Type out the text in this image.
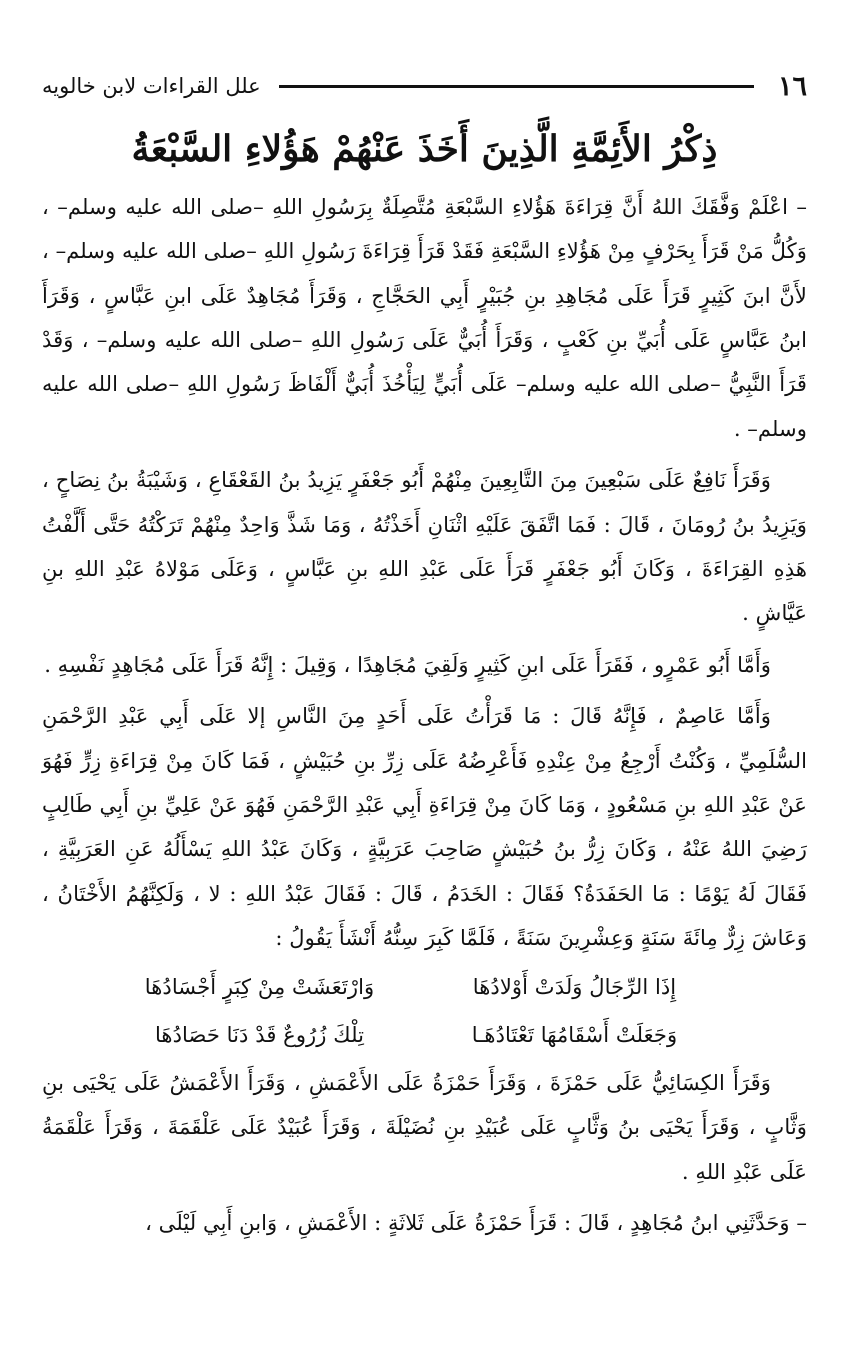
١٦
علل القراءات لابن خالويه
ذِكْرُ الأَئِمَّةِ الَّذِينَ أَخَذَ عَنْهُمْ هَؤُلاءِ السَّبْعَةُ

– اعْلَمْ وَفَّقَكَ اللهُ أَنَّ قِرَاءَةَ هَؤُلاءِ السَّبْعَةِ مُتَّصِلَةٌ بِرَسُولِ اللهِ –صلى الله عليه وسلم– ، وَكُلُّ مَنْ قَرَأَ بِحَرْفٍ مِنْ هَؤُلاءِ السَّبْعَةِ فَقَدْ قَرَأَ قِرَاءَةَ رَسُولِ اللهِ –صلى الله عليه وسلم– ، لأَنَّ ابنَ كَثِيرٍ قَرَأَ عَلَى مُجَاهِدِ بنِ جُبَيْرٍ أَبِي الحَجَّاجِ ، وَقَرَأَ مُجَاهِدٌ عَلَى ابنِ عَبَّاسٍ ، وَقَرَأَ ابنُ عَبَّاسٍ عَلَى أُبَيِّ بنِ كَعْبٍ ، وَقَرَأَ أُبَيٌّ عَلَى رَسُولِ اللهِ –صلى الله عليه وسلم– ، وَقَدْ قَرَأَ النَّبِيُّ –صلى الله عليه وسلم– عَلَى أُبَيٍّ لِيَأْخُذَ أُبَيٌّ أَلْفَاظَ رَسُولِ اللهِ –صلى الله عليه وسلم– .

وَقَرَأَ نَافِعٌ عَلَى سَبْعِينَ مِنَ التَّابِعِينَ مِنْهُمْ أَبُو جَعْفَرٍ يَزِيدُ بنُ القَعْقَاعِ ، وَشَيْبَةُ بنُ نِصَاحٍ ، وَيَزِيدُ بنُ رُومَانَ ، قَالَ : فَمَا اتَّفَقَ عَلَيْهِ اثْنَانِ أَخَذْتُهُ ، وَمَا شَذَّ وَاحِدٌ مِنْهُمْ تَرَكْتُهُ حَتَّى أَلَّفْتُ هَذِهِ القِرَاءَةَ ، وَكَانَ أَبُو جَعْفَرٍ قَرَأَ عَلَى عَبْدِ اللهِ بنِ عَبَّاسٍ ، وَعَلَى مَوْلاهُ عَبْدِ اللهِ بنِ عَيَّاشٍ .

وَأَمَّا أَبُو عَمْرٍو ، فَقَرَأَ عَلَى ابنِ كَثِيرٍ وَلَقِيَ مُجَاهِدًا ، وَقِيلَ : إِنَّهُ قَرَأَ عَلَى مُجَاهِدٍ نَفْسِهِ .

وَأَمَّا عَاصِمٌ ، فَإِنَّهُ قَالَ : مَا قَرَأْتُ عَلَى أَحَدٍ مِنَ النَّاسِ إلا عَلَى أَبِي عَبْدِ الرَّحْمَنِ السُّلَمِيِّ ، وَكُنْتُ أَرْجِعُ مِنْ عِنْدِهِ فَأَعْرِضُهُ عَلَى زِرِّ بنِ حُبَيْشٍ ، فَمَا كَانَ مِنْ قِرَاءَةِ زِرٍّ فَهُوَ عَنْ عَبْدِ اللهِ بنِ مَسْعُودٍ ، وَمَا كَانَ مِنْ قِرَاءَةِ أَبِي عَبْدِ الرَّحْمَنِ فَهُوَ عَنْ عَلِيِّ بنِ أَبِي طَالِبٍ رَضِيَ اللهُ عَنْهُ ، وَكَانَ زِرُّ بنُ حُبَيْشٍ صَاحِبَ عَرَبِيَّةٍ ، وَكَانَ عَبْدُ اللهِ يَسْأَلُهُ عَنِ العَرَبِيَّةِ ، فَقَالَ لَهُ يَوْمًا : مَا الحَفَدَةُ؟ فَقَالَ : الخَدَمُ ، قَالَ : فَقَالَ عَبْدُ اللهِ : لا ، وَلَكِنَّهُمُ الأَخْتَانُ ، وَعَاشَ زِرٌّ مِائَةَ سَنَةٍ وَعِشْرِينَ سَنَةً ، فَلَمَّا كَبِرَ سِنُّهُ أَنْشَأَ يَقُولُ :

إِذَا الرِّجَالُ وَلَدَتْ أَوْلادُهَا
وَارْتَعَشَتْ مِنْ كِبَرٍ أَجْسَادُهَا
وَجَعَلَتْ أَسْقَامُهَا تَعْتَادُهَـا
تِلْكَ زُرُوعٌ قَدْ دَنَا حَصَادُهَا

وَقَرَأَ الكِسَائِيُّ عَلَى حَمْزَةَ ، وَقَرَأَ حَمْزَةُ عَلَى الأَعْمَشِ ، وَقَرَأَ الأَعْمَشُ عَلَى يَحْيَى بنِ وَثَّابٍ ، وَقَرَأَ يَحْيَى بنُ وَثَّابٍ عَلَى عُبَيْدِ بنِ نُضَيْلَةَ ، وَقَرَأَ عُبَيْدٌ عَلَى عَلْقَمَةَ ، وَقَرَأَ عَلْقَمَةُ عَلَى عَبْدِ اللهِ .

– وَحَدَّثَنِي ابنُ مُجَاهِدٍ ، قَالَ : قَرَأَ حَمْزَةُ عَلَى ثَلاثَةٍ : الأَعْمَشِ ، وَابنِ أَبِي لَيْلَى ،
